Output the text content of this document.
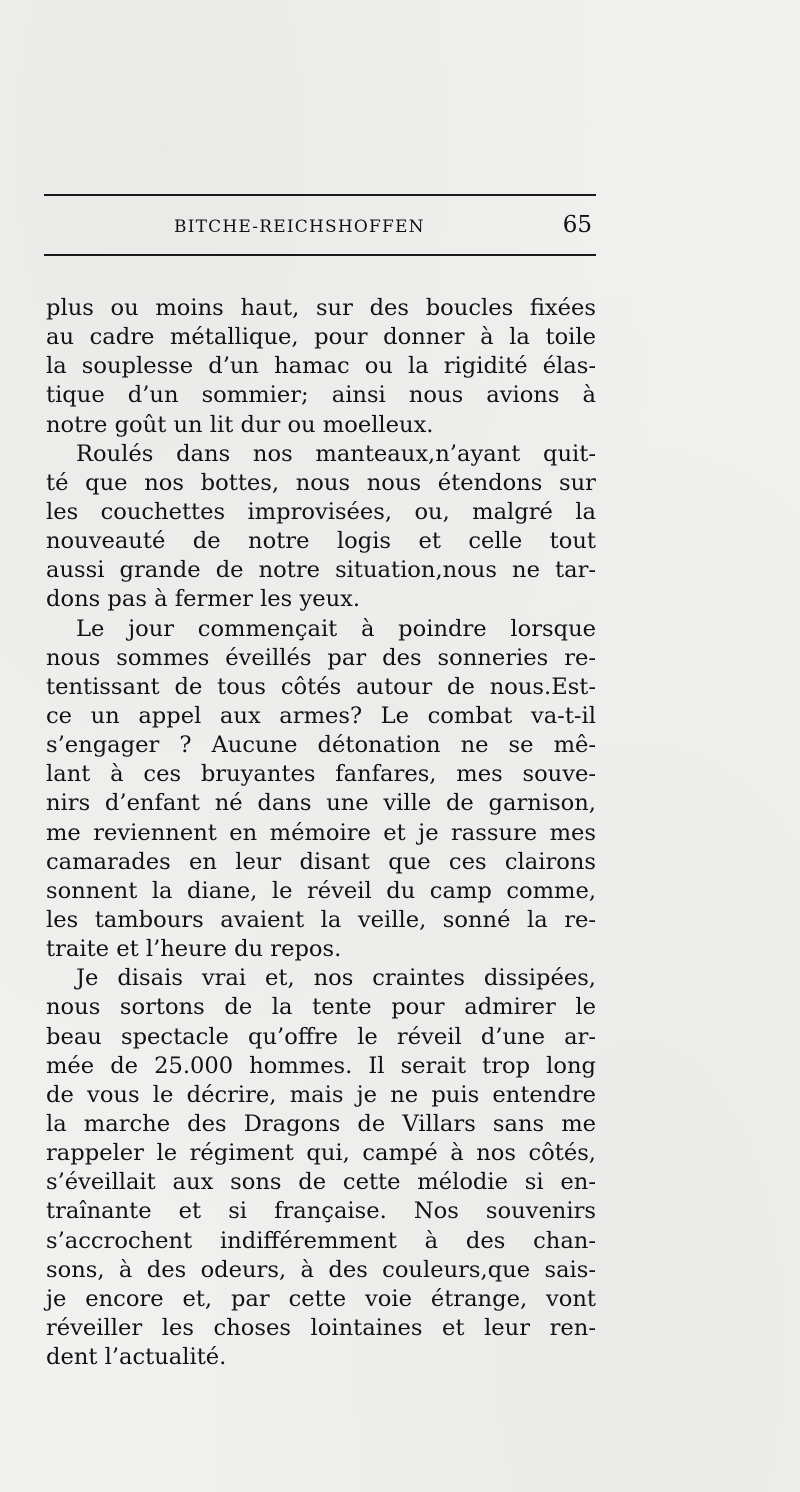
BITCHE-REICHSHOFFEN	65
plus ou moins haut, sur des boucles fixées
au cadre métallique, pour donner à la toile
la souplesse d’un hamac ou la rigidité élas-
tique d’un sommier; ainsi nous avions à
notre goût un lit dur ou moelleux.
Roulés dans nos manteaux,n’ayant quit-
té que nos bottes, nous nous étendons sur
les couchettes improvisées, ou, malgré la
nouveauté de notre logis et celle tout
aussi grande de notre situation,nous ne tar-
dons pas à fermer les yeux.
Le jour commençait à poindre lorsque
nous sommes éveillés par des sonneries re-
tentissant de tous côtés autour de nous.Est-
ce un appel aux armes? Le combat va-t-il
s’engager ? Aucune détonation ne se mê-
lant à ces bruyantes fanfares, mes souve-
nirs d’enfant né dans une ville de garnison,
me reviennent en mémoire et je rassure mes
camarades en leur disant que ces clairons
sonnent la diane, le réveil du camp comme,
les tambours avaient la veille, sonné la re-
traite et l’heure du repos.
Je disais vrai et, nos craintes dissipées,
nous sortons de la tente pour admirer le
beau spectacle qu’offre le réveil d’une ar-
mée de 25.000 hommes. Il serait trop long
de vous le décrire, mais je ne puis entendre
la marche des Dragons de Villars sans me
rappeler le régiment qui, campé à nos côtés,
s’éveillait aux sons de cette mélodie si en-
traînante et si française. Nos souvenirs
s’accrochent indifféremment à des chan-
sons, à des odeurs, à des couleurs,que sais-
je encore et, par cette voie étrange, vont
réveiller les choses lointaines et leur ren-
dent l’actualité.
